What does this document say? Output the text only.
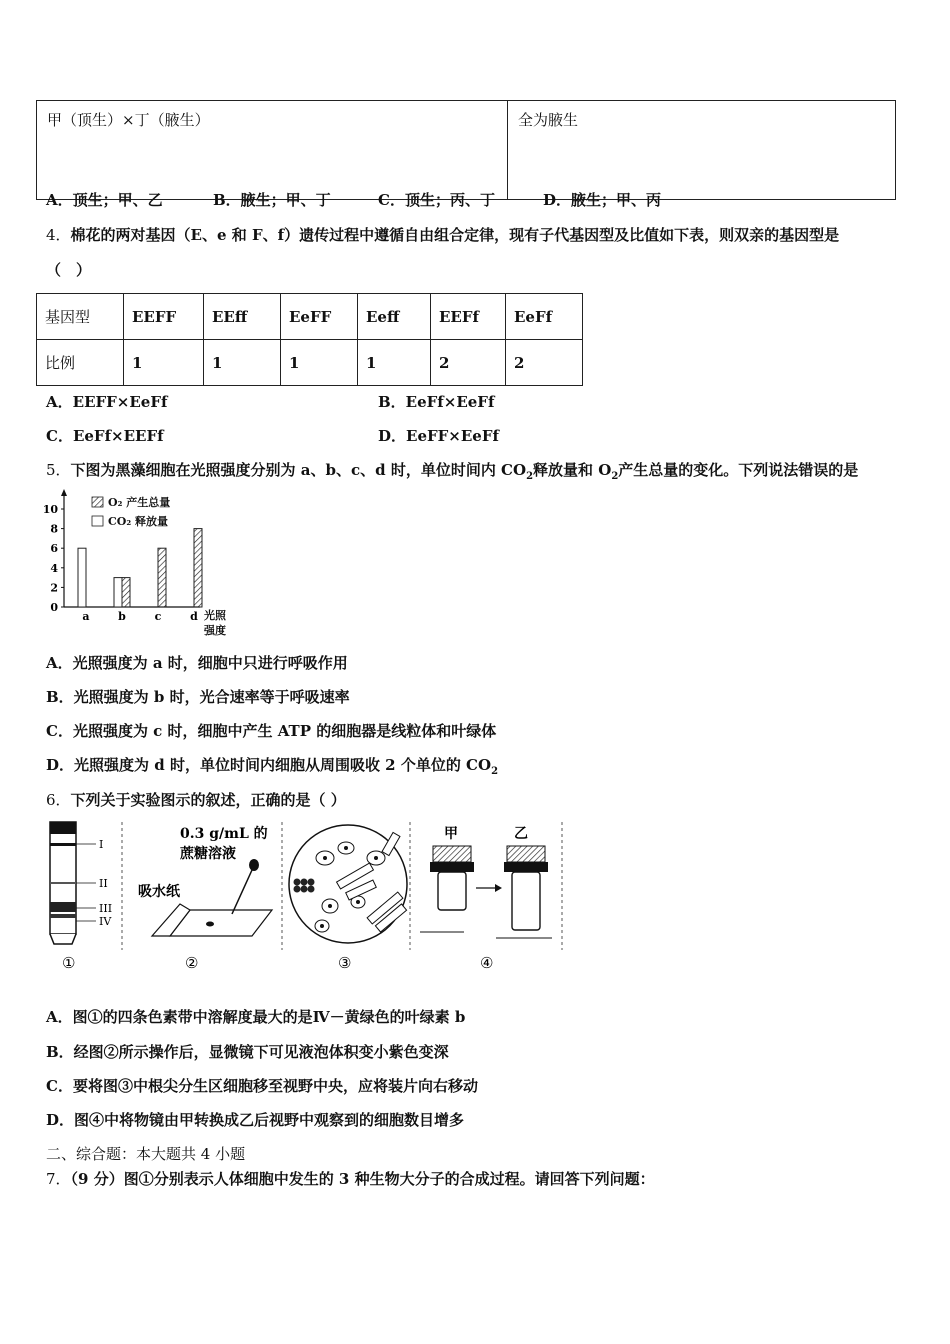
甲（顶生）×丁（腋生）	全为腋生
A．顶生；甲、乙	B．腋生；甲、丁	C．顶生；丙、丁	D．腋生；甲、丙
4．棉花的两对基因（E、e 和 F、f）遗传过程中遵循自由组合定律，现有子代基因型及比值如下表，则双亲的基因型是
（　）
基因型	EEFF	EEff	EeFF	Eeff	EEFf	EeFf
比例	1	1	1	1	2	2
A．EEFF×EeFf	B．EeFf×EeFf
C．EeFf×EEFf	D．EeFF×EeFf
5．下图为黑藻细胞在光照强度分别为 a、b、c、d 时，单位时间内 $CO_2$释放量和 $O_2$产生总量的变化。下列说法错误的是
0
2
4
6
8
10
a	b	c	d
O₂ 产生总量
CO₂ 释放量
光照
强度
A．光照强度为 a 时，细胞中只进行呼吸作用
B．光照强度为 b 时，光合速率等于呼吸速率
C．光照强度为 c 时，细胞中产生 ATP 的细胞器是线粒体和叶绿体
D．光照强度为 d 时，单位时间内细胞从周围吸收 2 个单位的 $CO_2$
6．下列关于实验图示的叙述，正确的是（ ）
I
II
III
IV
0.3 g/mL 的
蔗糖溶液
吸水纸
甲	乙
①	②	③	④
A．图①的四条色素带中溶解度最大的是Ⅳ－黄绿色的叶绿素 b
B．经图②所示操作后，显微镜下可见液泡体积变小紫色变深
C．要将图③中根尖分生区细胞移至视野中央，应将装片向右移动
D．图④中将物镜由甲转换成乙后视野中观察到的细胞数目增多
二、综合题：本大题共 4 小题
7．（9 分）图①分别表示人体细胞中发生的 3 种生物大分子的合成过程。请回答下列问题：
